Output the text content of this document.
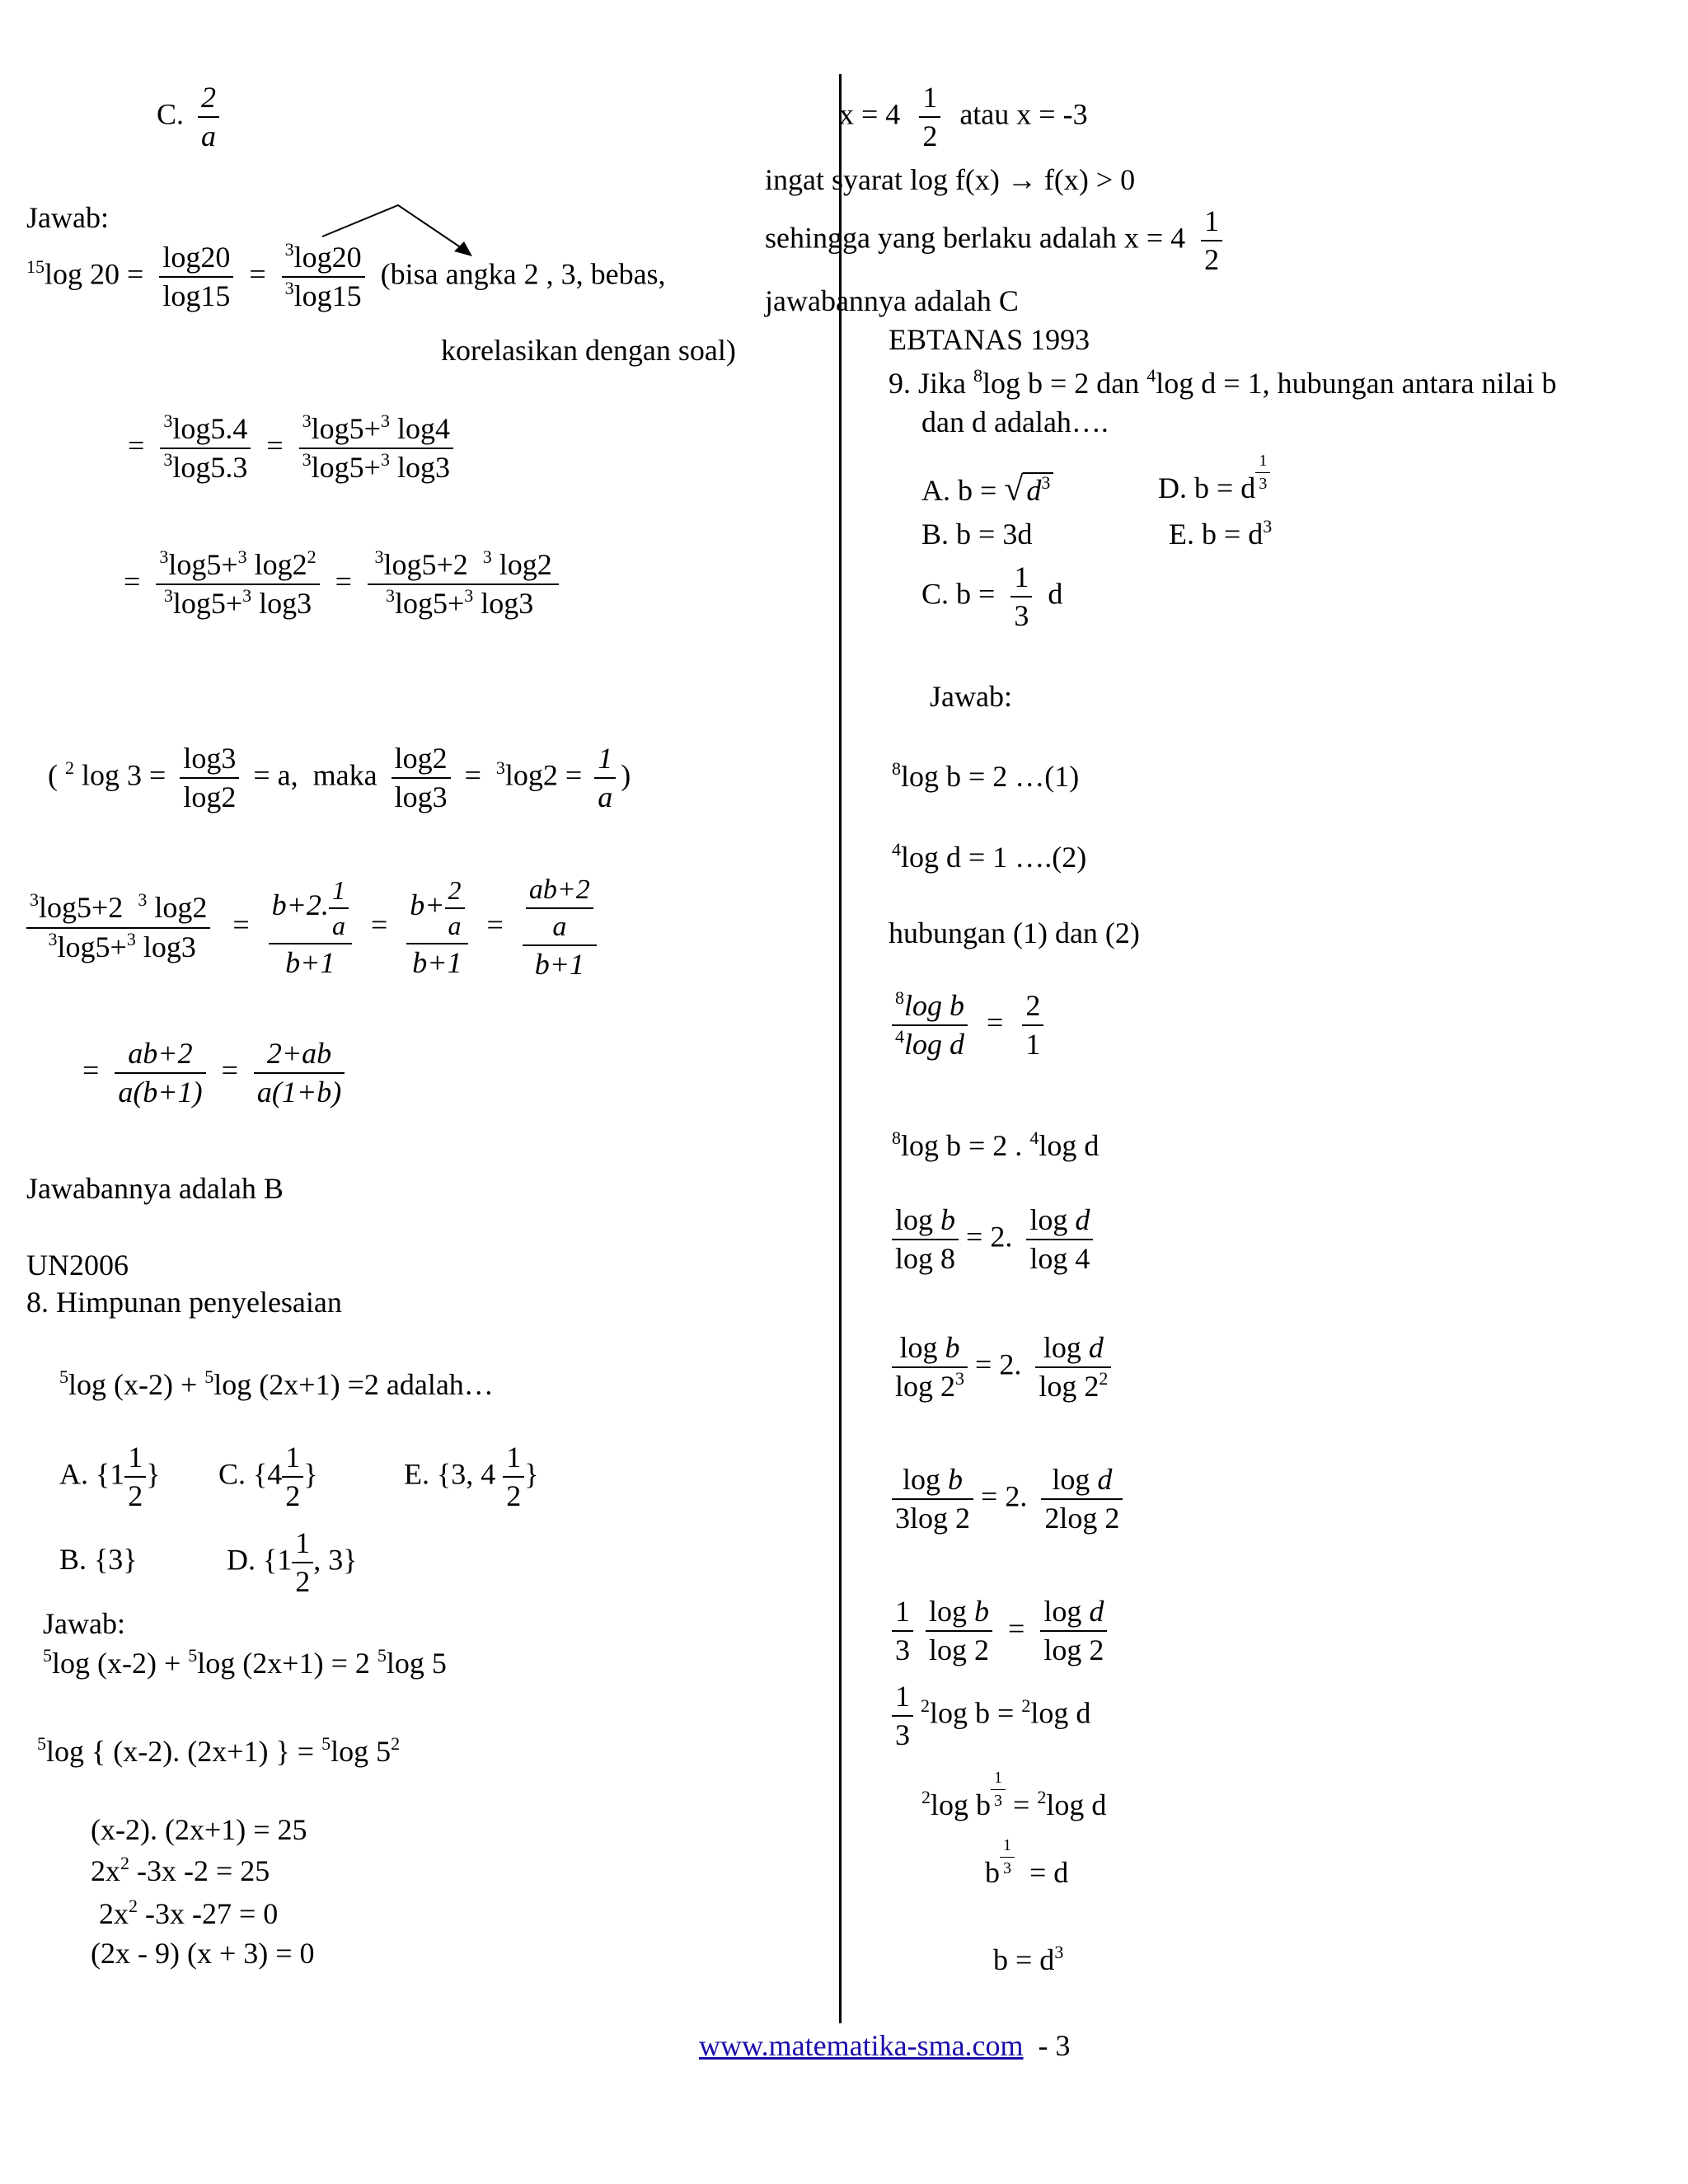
C. $\frac{2}{a}$
Jawab:
$^{15}$log $20 = \frac{\log 20}{\log 15} = \frac{^3\log 20}{^3\log 15}$ (bisa angka 2 , 3, bebas,
korelasikan dengan soal)
= $\frac{^3\log 5.4}{^3\log 5.3} = \frac{^3\log 5+^3 \log 4}{^3\log 5+^3 \log 3}$
= $\frac{^3\log 5+^3 \log 2^2}{^3\log 5+^3 \log 3} = \frac{^3\log 5+2 ^3 \log 2}{^3\log 5+^3 \log 3}$
( $^2$ $\log 3 = \frac{\log 3}{\log 2} = a$,  maka $\frac{\log 2}{\log 3} = ^3\log 2 = \frac{1}{a}$ )
$\frac{^3\log 5+2 ^3 \log 2}{^3\log 5+^3 \log 3} = \frac{b+2. \frac{1}{a}}{b+1} = \frac{b+ \frac{2}{a}}{b+1} = \frac{\frac{ab+2}{a}}{b+1}$
= $\frac{ab+2}{a(b+1)} = \frac{2+ab}{a(1+b)}$
Jawabannya adalah B
UN2006
8. Himpunan penyelesaian
$^5$log (x-2) + $^5$log (2x+1) =2 adalah…
A. {$1 \frac{1}{2}$ } C. {$4 \frac{1}{2}$ }	E. {3, $4 \frac{1}{2}$ }
B. {3}	D. {$1 \frac{1}{2}$ , 3}
Jawab:
$^5$log (x-2) + $^5$log (2x+1) = 2 $^5$log 5
$^5$log { (x-2). (2x+1) } = $^5$log $5^2$
(x-2). (2x+1) = 25
$2x^2$ -3x -2 = 25
$2x^2$ -3x -27 = 0
(2x - 9) (x + 3) = 0
$x = 4 \frac{1}{2}$ atau x = -3
ingat syarat log f(x) → f(x) > 0
sehingga yang berlaku adalah $x = 4 \frac{1}{2}$
jawabannya adalah C
EBTANAS 1993
9. Jika $^8$log b = 2 dan $^4$log d = 1, hubungan antara nilai b
dan d adalah….
A. b = √ $d^3$	D. b = d $\frac{1}{3}$
B. b = 3d	E. $b = d^3$
C. $b = \frac{1}{3}$ d
Jawab:
$^8$log b = 2 …(1)
$^4$log d = 1 ….(2)
hubungan (1) dan (2)
$\frac{^8\log b}{^4\log d} = \frac{2}{1}$
$^8$log b = 2 . $^4$log d
$\frac{\text{log b}}{\log 8} = 2$. $\frac{\text{log d}}{\log 4}$
$\frac{\text{log b}}{\log 2^3} = 2$. $\frac{\text{log d}}{\log 2^2}$
$\frac{\text{log b}}{3\log 2} = 2$. $\frac{\text{log d}}{2\log 2}$
$\frac{1}{3}$
$\frac{\text{log b}}{\log 2} = \frac{\text{log d}}{\log 2}$
$\frac{1}{3} ^2\log$ b = $^2$log d
$^2$log b $\frac{1}{3} = ^2\log$ d
b $\frac{1}{3} = d$
$b = d^3$
www.matematika-sma.com - 3
